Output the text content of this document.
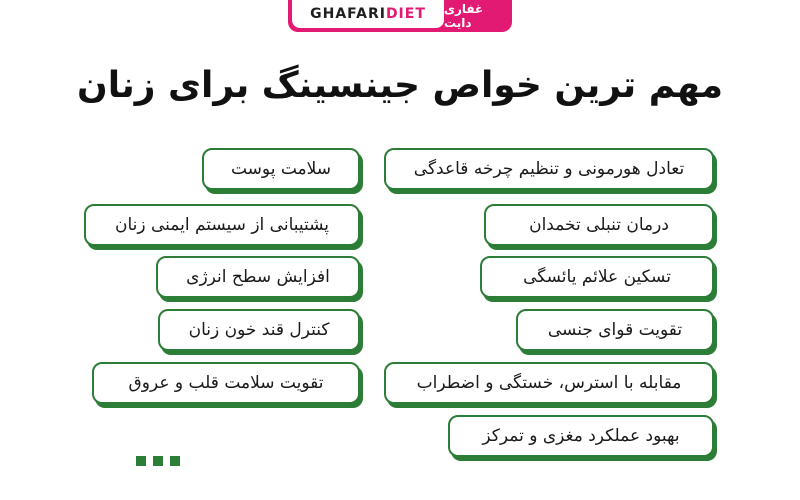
GHAFARI DIET غفاری دایت
مهم ترین خواص جینسینگ برای زنان
تعادل هورمونی و تنظیم چرخه قاعدگی
درمان تنبلی تخمدان
تسکین علائم یائسگی
تقویت قوای جنسی
مقابله با استرس، خستگی و اضطراب
بهبود عملکرد مغزی و تمرکز
سلامت پوست
پشتیبانی از سیستم ایمنی زنان
افزایش سطح انرژی
کنترل قند خون زنان
تقویت سلامت قلب و عروق
